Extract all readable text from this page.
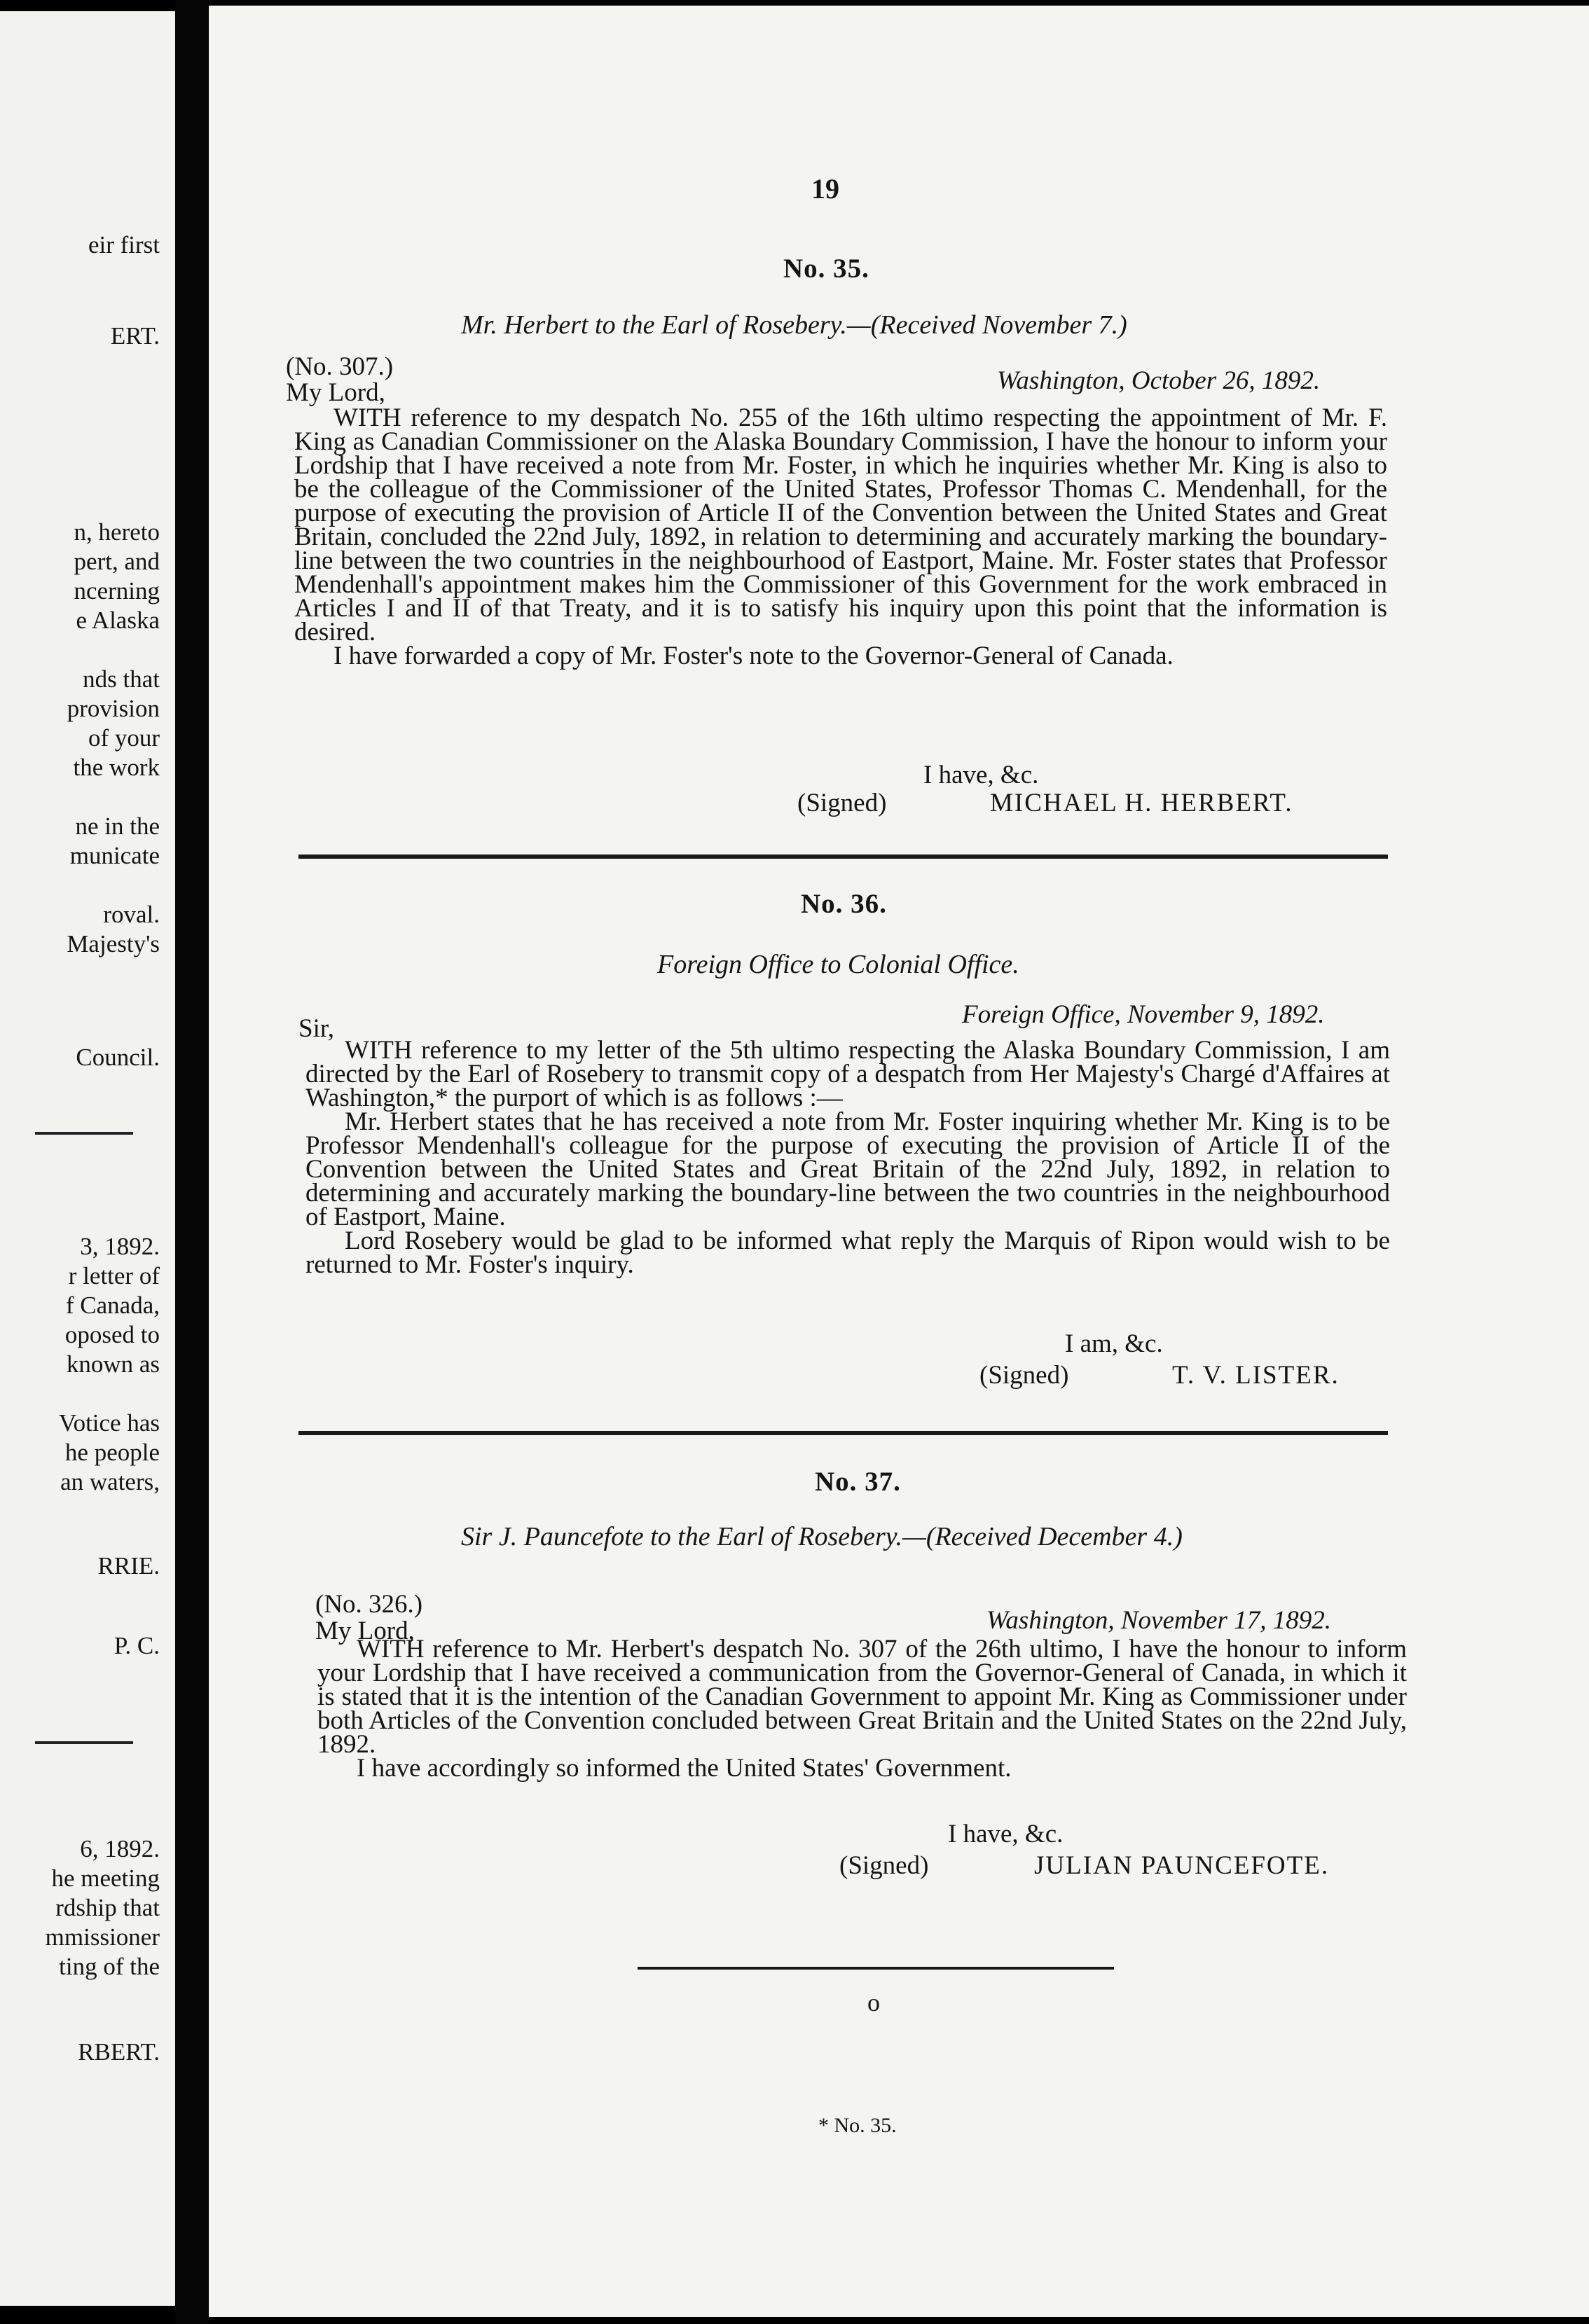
eir first
ERT.
n, hereto
pert, and
ncerning
e Alaska
nds that
provision
of your
the work
ne in the
municate
roval.
Majesty's
Council.
3, 1892.
r letter of
f Canada,
oposed to
known as
Votice has
he people
an waters,
RRIE.
P. C.
6, 1892.
he meeting
rdship that
mmissioner
ting of the
RBERT.
19
No. 35.
Mr. Herbert to the Earl of Rosebery.—(Received November 7.)
(No. 307.)
My Lord,	Washington, October 26, 1892.

WITH reference to my despatch No. 255 of the 16th ultimo respecting the appointment of Mr. F. King as Canadian Commissioner on the Alaska Boundary Commission, I have the honour to inform your Lordship that I have received a note from Mr. Foster, in which he inquiries whether Mr. King is also to be the colleague of the Commissioner of the United States, Professor Thomas C. Mendenhall, for the purpose of executing the provision of Article II of the Convention between the United States and Great Britain, concluded the 22nd July, 1892, in relation to determining and accurately marking the boundary-line between the two countries in the neighbourhood of Eastport, Maine. Mr. Foster states that Professor Mendenhall's appointment makes him the Commissioner of this Government for the work embraced in Articles I and II of that Treaty, and it is to satisfy his inquiry upon this point that the information is desired.

I have forwarded a copy of Mr. Foster's note to the Governor-General of Canada.

I have, &c.
(Signed)	MICHAEL H. HERBERT.
No. 36.
Foreign Office to Colonial Office.
Sir,	Foreign Office, November 9, 1892.

WITH reference to my letter of the 5th ultimo respecting the Alaska Boundary Commission, I am directed by the Earl of Rosebery to transmit copy of a despatch from Her Majesty's Chargé d'Affaires at Washington,* the purport of which is as follows :—

Mr. Herbert states that he has received a note from Mr. Foster inquiring whether Mr. King is to be Professor Mendenhall's colleague for the purpose of executing the provision of Article II of the Convention between the United States and Great Britain of the 22nd July, 1892, in relation to determining and accurately marking the boundary-line between the two countries in the neighbourhood of Eastport, Maine.

Lord Rosebery would be glad to be informed what reply the Marquis of Ripon would wish to be returned to Mr. Foster's inquiry.

I am, &c.
(Signed)	T. V. LISTER.
No. 37.
Sir J. Pauncefote to the Earl of Rosebery.—(Received December 4.)
(No. 326.)
My Lord,	Washington, November 17, 1892.

WITH reference to Mr. Herbert's despatch No. 307 of the 26th ultimo, I have the honour to inform your Lordship that I have received a communication from the Governor-General of Canada, in which it is stated that it is the intention of the Canadian Government to appoint Mr. King as Commissioner under both Articles of the Convention concluded between Great Britain and the United States on the 22nd July, 1892.

I have accordingly so informed the United States' Government.

I have, &c.
(Signed)	JULIAN PAUNCEFOTE.
o
* No. 35.
